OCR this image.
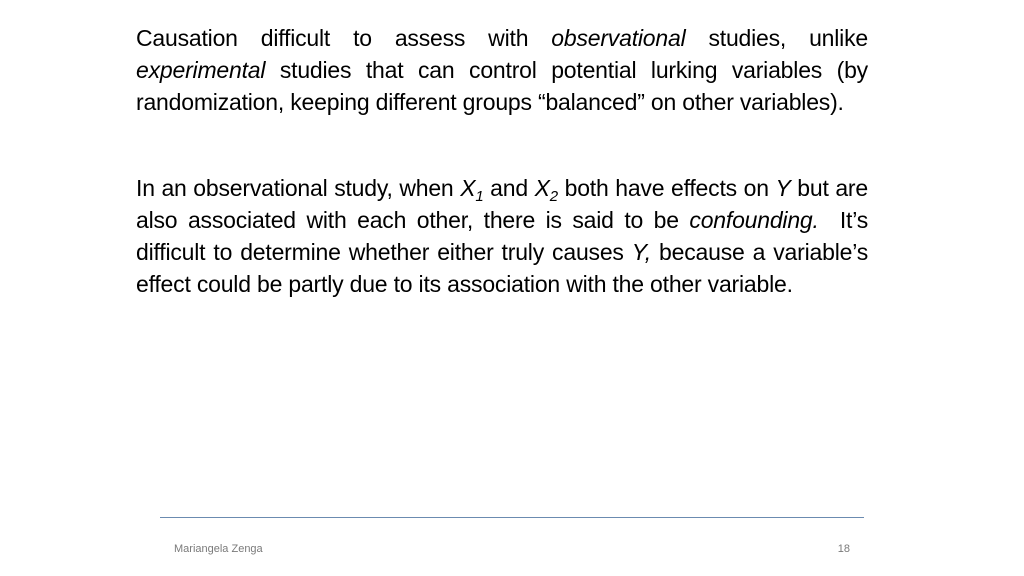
Causation difficult to assess with observational studies, unlike experimental studies that can control potential lurking variables (by randomization, keeping different groups “balanced” on other variables).

In an observational study, when $X_1$ and $X_2$ both have effects on Y but are also associated with each other, there is said to be confounding.  It’s difficult to determine whether either truly causes Y, because a variable’s effect could be partly due to its association with the other variable.

Mariangela Zenga	18
